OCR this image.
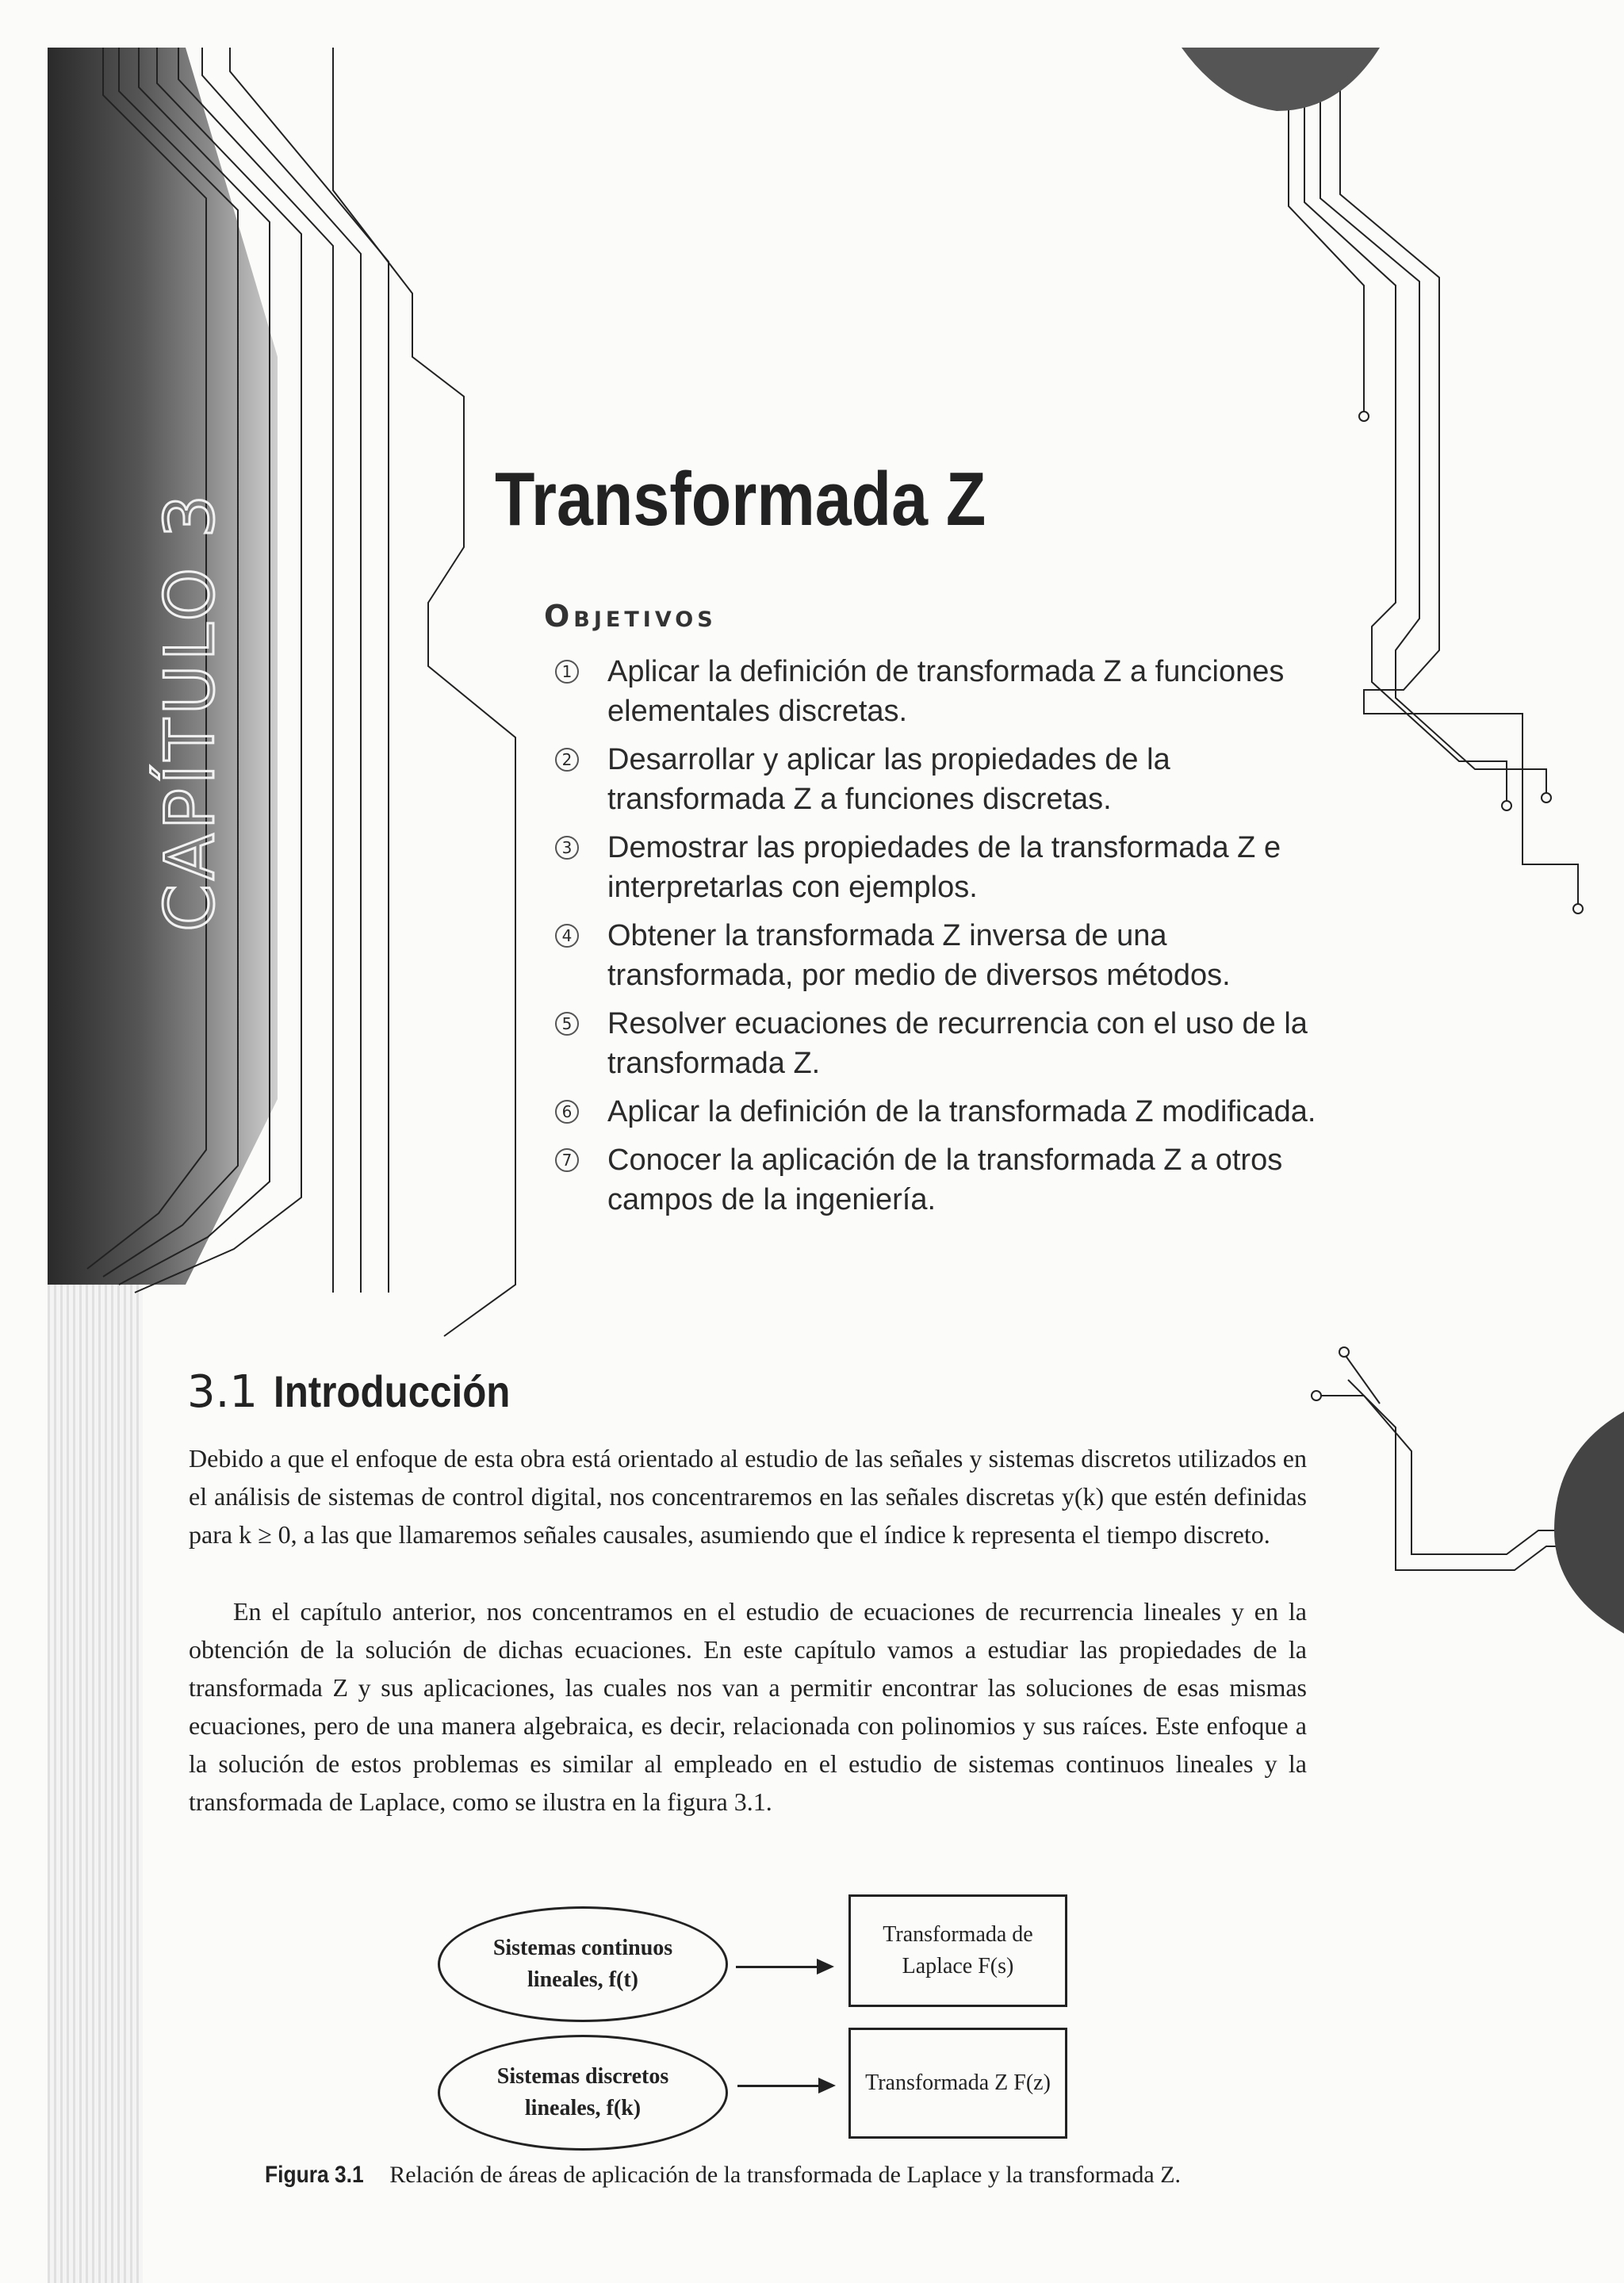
CAPÍTULO 3	Transformada Z
Objetivos
1 Aplicar la definición de transformada Z a funciones elementales discretas.
2 Desarrollar y aplicar las propiedades de la transformada Z a funciones discretas.
3 Demostrar las propiedades de la transformada Z e interpretarlas con ejemplos.
4 Obtener la transformada Z inversa de una transformada, por medio de diversos métodos.
5 Resolver ecuaciones de recurrencia con el uso de la transformada Z.
6 Aplicar la definición de la transformada Z modificada.
7 Conocer la aplicación de la transformada Z a otros campos de la ingeniería.
3.1 Introducción

Debido a que el enfoque de esta obra está orientado al estudio de las señales y sistemas discretos utilizados en el análisis de sistemas de control digital, nos concentraremos en las señales discretas y(k) que estén definidas para k ≥ 0, a las que llamaremos señales causales, asumiendo que el índice k representa el tiempo discreto.

En el capítulo anterior, nos concentramos en el estudio de ecuaciones de recurrencia lineales y en la obtención de la solución de dichas ecuaciones. En este capítulo vamos a estudiar las propiedades de la transformada Z y sus aplicaciones, las cuales nos van a permitir encontrar las soluciones de esas mismas ecuaciones, pero de una manera algebraica, es decir, relacionada con polinomios y sus raíces. Este enfoque a la solución de estos problemas es similar al empleado en el estudio de sistemas continuos lineales y la transformada de Laplace, como se ilustra en la figura 3.1.

Sistemas continuos
lineales, f(t)
Transformada de
Laplace F(s)
Sistemas discretos
lineales, f(k)
Transformada Z F(z)

Figura 3.1 Relación de áreas de aplicación de la transformada de Laplace y la transformada Z.
